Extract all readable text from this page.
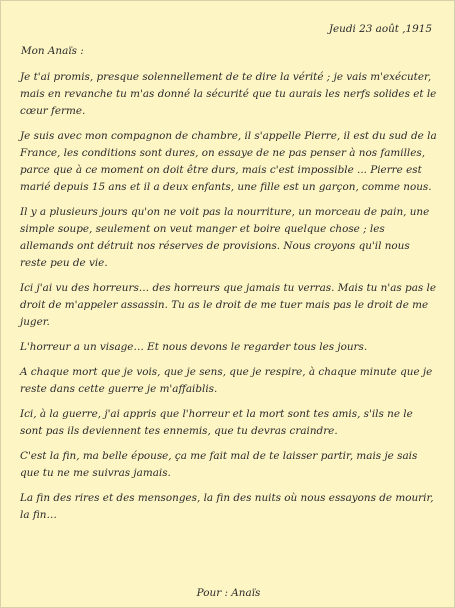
Jeudi 23 août ,1915
Mon Anaïs :

Je t'ai promis, presque solennellement de te dire la vérité ; je vais m'exécuter, mais en revanche tu m'as donné la sécurité que tu aurais les nerfs solides et le cœur ferme.

Je suis avec mon compagnon de chambre, il s'appelle Pierre, il est du sud de la France, les conditions sont dures, on essaye de ne pas penser à nos familles, parce que à ce moment on doit être durs, mais c'est impossible ... Pierre est marié depuis 15 ans et il a deux enfants, une fille est un garçon, comme nous.

Il y a plusieurs jours qu'on ne voit pas la nourriture, un morceau de pain, une simple soupe, seulement on veut manger et boire quelque chose ; les allemands ont détruit nos réserves de provisions. Nous croyons qu'il nous reste peu de vie.

Ici j'ai vu des horreurs… des horreurs que jamais tu verras. Mais tu n'as pas le droit de m'appeler assassin. Tu as le droit de me tuer mais pas le droit de me juger.

L'horreur a un visage… Et nous devons le regarder tous les jours.

A chaque mort que je vois, que je sens, que je respire, à chaque minute que je reste dans cette guerre je m'affaiblis.

Ici, à la guerre, j'ai appris que l'horreur et la mort sont tes amis, s'ils ne le sont pas ils deviennent tes ennemis, que tu devras craindre.

C'est la fin, ma belle épouse, ça me fait mal de te laisser partir, mais je sais que tu ne me suivras jamais.

La fin des rires et des mensonges, la fin des nuits où nous essayons de mourir, la fin…

Pour : Anaïs
